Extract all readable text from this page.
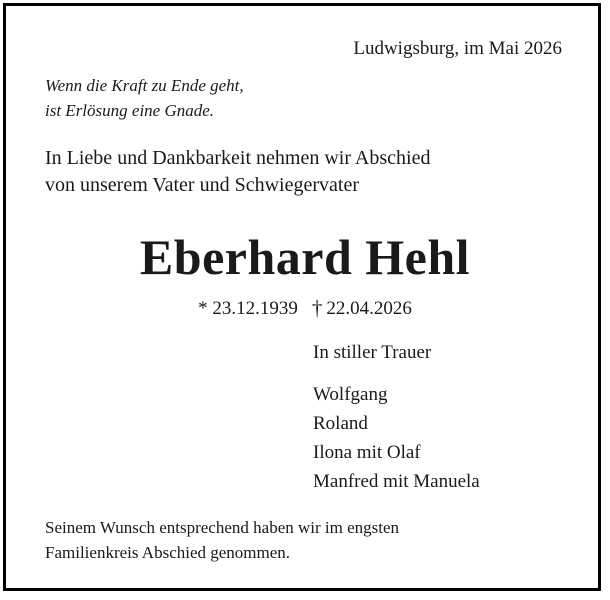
Ludwigsburg, im Mai 2026
Wenn die Kraft zu Ende geht,
ist Erlösung eine Gnade.
In Liebe und Dankbarkeit nehmen wir Abschied
von unserem Vater und Schwiegervater
Eberhard Hehl
* 23.12.1939 † 22.04.2026
In stiller Trauer
Wolfgang
Roland
Ilona mit Olaf
Manfred mit Manuela
Seinem Wunsch entsprechend haben wir im engsten
Familienkreis Abschied genommen.
